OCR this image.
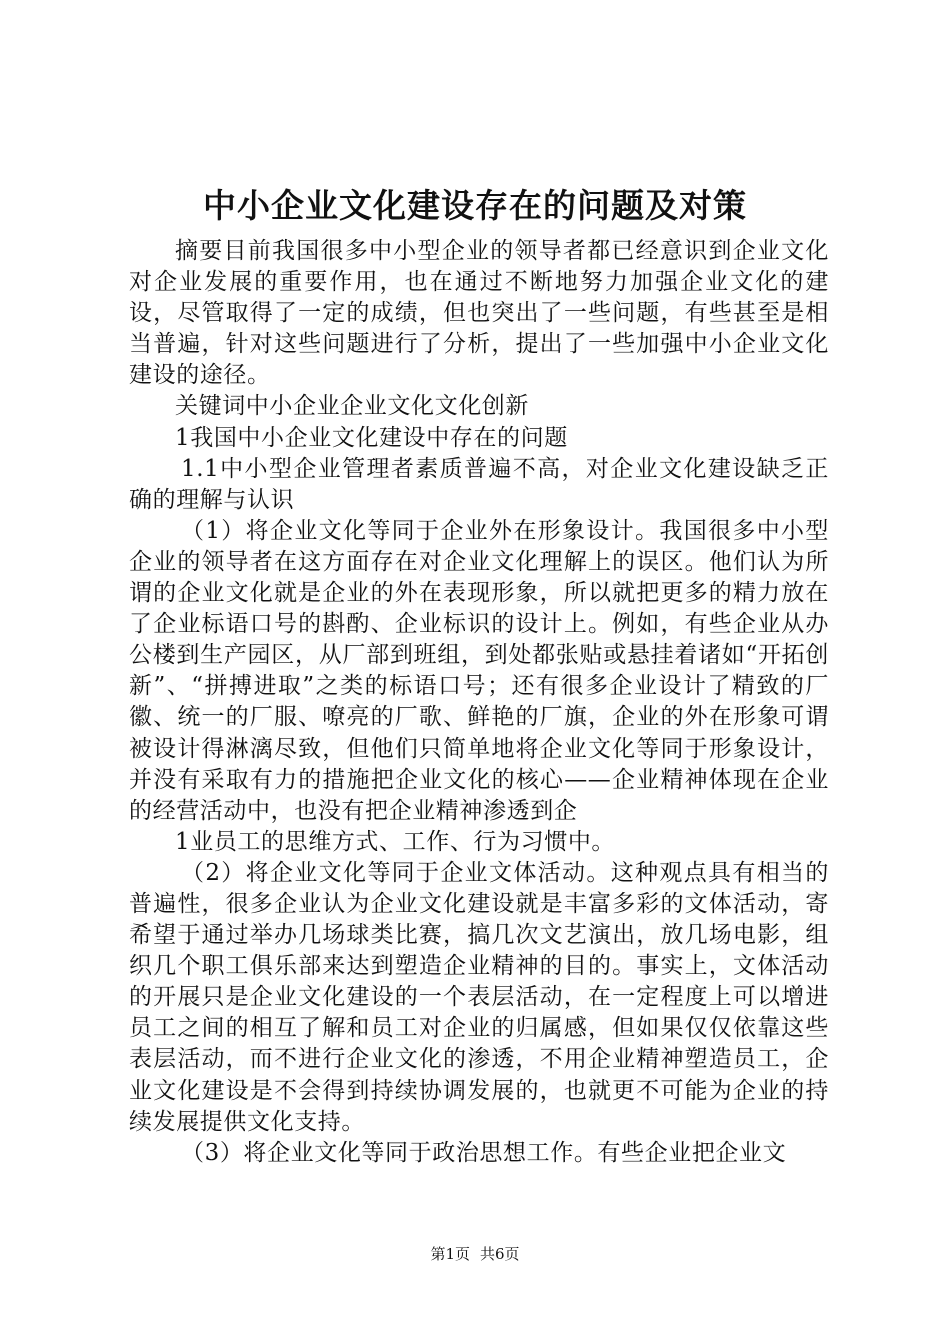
中小企业文化建设存在的问题及对策

摘要目前我国很多中小型企业的领导者都已经意识到企业文化对企业发展的重要作用，也在通过不断地努力加强企业文化的建设，尽管取得了一定的成绩，但也突出了一些问题，有些甚至是相当普遍，针对这些问题进行了分析，提出了一些加强中小企业文化建设的途径。

关键词中小企业企业文化文化创新

1我国中小企业文化建设中存在的问题

1.1中小型企业管理者素质普遍不高，对企业文化建设缺乏正确的理解与认识

（1）将企业文化等同于企业外在形象设计。我国很多中小型企业的领导者在这方面存在对企业文化理解上的误区。他们认为所谓的企业文化就是企业的外在表现形象，所以就把更多的精力放在了企业标语口号的斟酌、企业标识的设计上。例如，有些企业从办公楼到生产园区，从厂部到班组，到处都张贴或悬挂着诸如“开拓创新”、“拼搏进取”之类的标语口号；还有很多企业设计了精致的厂徽、统一的厂服、嘹亮的厂歌、鲜艳的厂旗，企业的外在形象可谓被设计得淋漓尽致，但他们只简单地将企业文化等同于形象设计，并没有采取有力的措施把企业文化的核心——企业精神体现在企业的经营活动中，也没有把企业精神渗透到企

1业员工的思维方式、工作、行为习惯中。

（2）将企业文化等同于企业文体活动。这种观点具有相当的普遍性，很多企业认为企业文化建设就是丰富多彩的文体活动，寄希望于通过举办几场球类比赛，搞几次文艺演出，放几场电影，组织几个职工俱乐部来达到塑造企业精神的目的。事实上，文体活动的开展只是企业文化建设的一个表层活动，在一定程度上可以增进员工之间的相互了解和员工对企业的归属感，但如果仅仅依靠这些表层活动，而不进行企业文化的渗透，不用企业精神塑造员工，企业文化建设是不会得到持续协调发展的，也就更不可能为企业的持续发展提供文化支持。

（3）将企业文化等同于政治思想工作。有些企业把企业文

第1页 共6页
